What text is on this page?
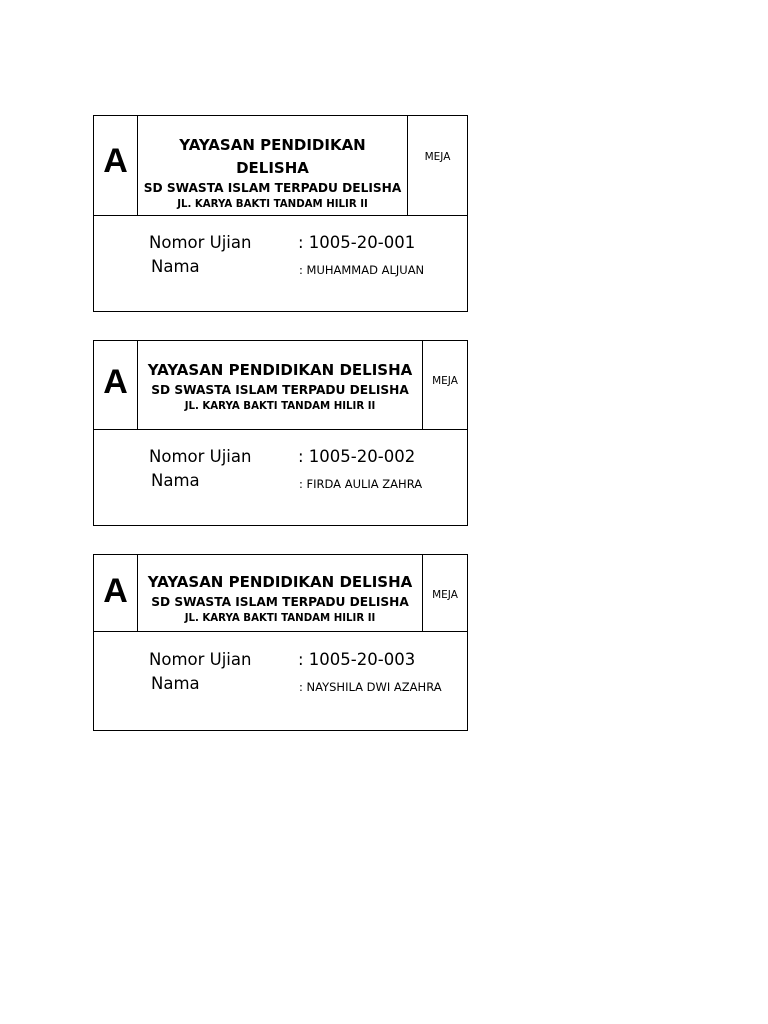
A	YAYASAN PENDIDIKAN DELISHA
SD SWASTA ISLAM TERPADU DELISHA
JL. KARYA BAKTI TANDAM HILIR II
MEJA
Nomor Ujian	: 1005-20-001
Nama	: MUHAMMAD ALJUAN
A	YAYASAN PENDIDIKAN DELISHA
SD SWASTA ISLAM TERPADU DELISHA
JL. KARYA BAKTI TANDAM HILIR II
MEJA
Nomor Ujian	: 1005-20-002
Nama	: FIRDA AULIA ZAHRA
A	YAYASAN PENDIDIKAN DELISHA
SD SWASTA ISLAM TERPADU DELISHA
JL. KARYA BAKTI TANDAM HILIR II
MEJA
Nomor Ujian	: 1005-20-003
Nama	: NAYSHILA DWI AZAHRA
